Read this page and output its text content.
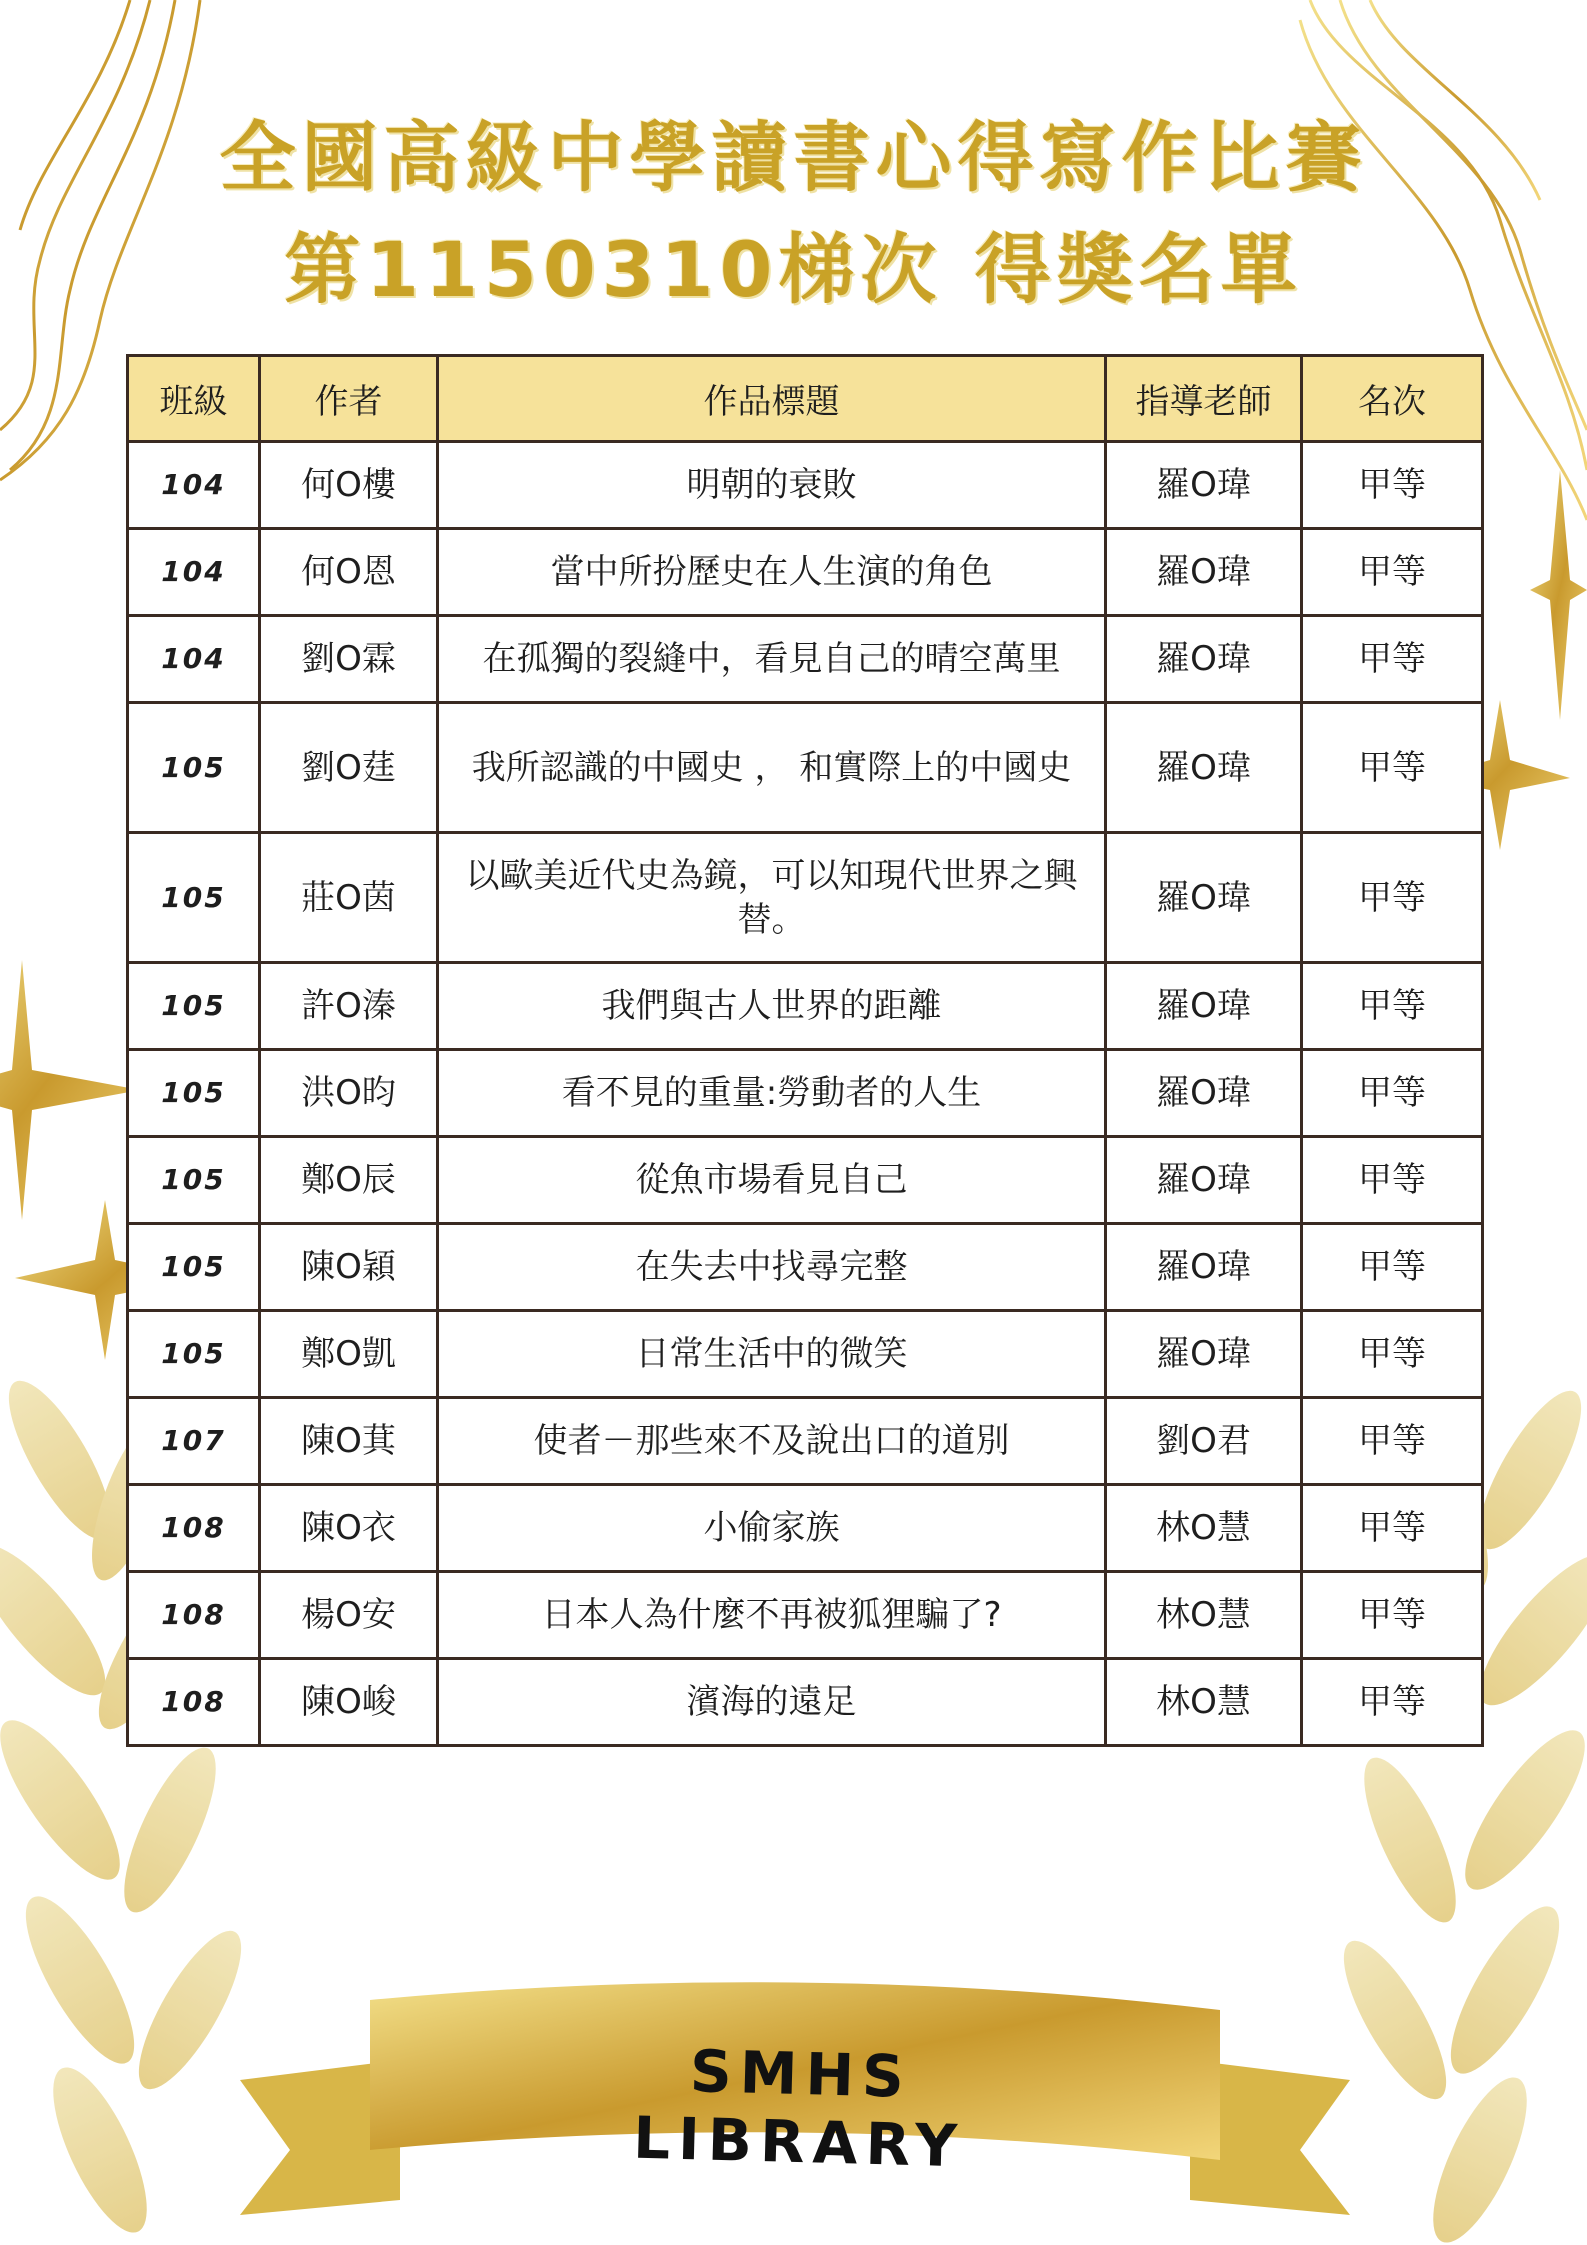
全國高級中學讀書心得寫作比賽
第1150310梯次 得獎名單
班級	作者	作品標題	指導老師	名次
104	何O樓	明朝的衰敗	羅O瑋	甲等
104	何O恩	當中所扮歷史在人生演的角色	羅O瑋	甲等
104	劉O霖	在孤獨的裂縫中，看見自己的晴空萬里	羅O瑋	甲等
105	劉O莛	我所認識的中國史 ， 和實際上的中國史	羅O瑋	甲等
105	莊O茵	以歐美近代史為鏡，可以知現代世界之興替。	羅O瑋	甲等
105	許O溱	我們與古人世界的距離	羅O瑋	甲等
105	洪O昀	看不見的重量:勞動者的人生	羅O瑋	甲等
105	鄭O辰	從魚市場看見自己	羅O瑋	甲等
105	陳O穎	在失去中找尋完整	羅O瑋	甲等
105	鄭O凱	日常生活中的微笑	羅O瑋	甲等
107	陳O萁	使者－那些來不及說出口的道別	劉O君	甲等
108	陳O衣	小偷家族	林O慧	甲等
108	楊O安	日本人為什麼不再被狐狸騙了?	林O慧	甲等
108	陳O峻	濱海的遠足	林O慧	甲等
SMHS LIBRARY
